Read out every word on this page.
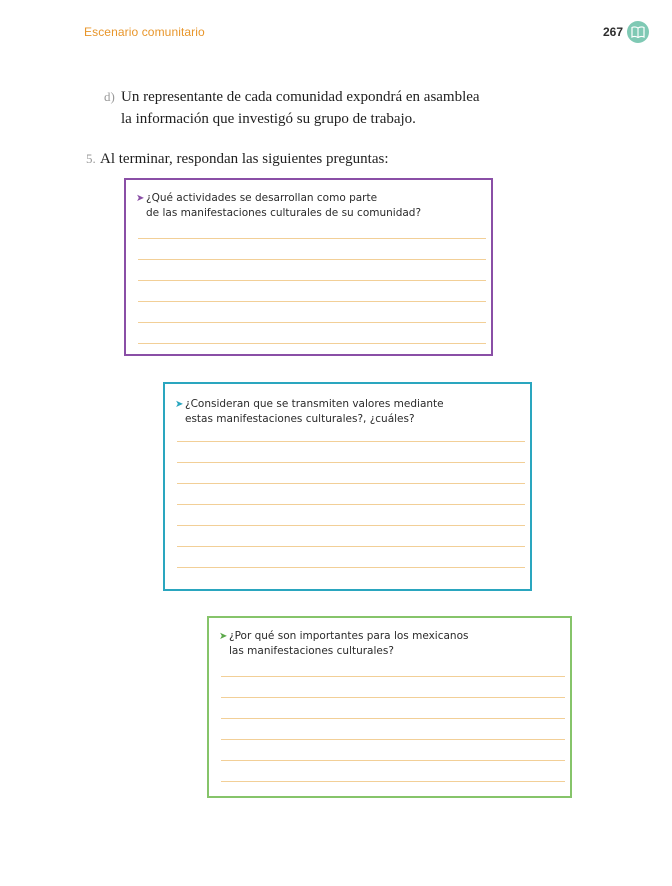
Escenario comunitario	267
d) Un representante de cada comunidad expondrá en asamblea
la información que investigó su grupo de trabajo.
5. Al terminar, respondan las siguientes preguntas:
➤ ¿Qué actividades se desarrollan como parte
de las manifestaciones culturales de su comunidad?
➤ ¿Consideran que se transmiten valores mediante
estas manifestaciones culturales?, ¿cuáles?
➤ ¿Por qué son importantes para los mexicanos
las manifestaciones culturales?
